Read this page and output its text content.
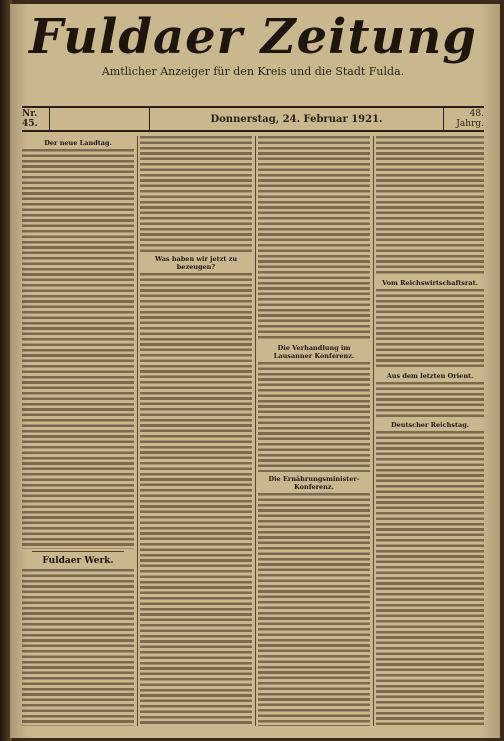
Fuldaer Zeitung
Amtlicher Anzeiger für den Kreis und die Stadt Fulda.
Nr. 45.	Donnerstag, 24. Februar 1921.	48. Jahrg.
Der neue Landtag.
Fuldaer Werk.
Was haben wir jetzt zu bezeugen?
Die Verhandlung im Lausanner Konferenz.
Die Ernährungsminister-Konferenz.
Vom Reichswirtschaftsrat.
Aus dem letzten Orient.
Deutscher Reichstag.
